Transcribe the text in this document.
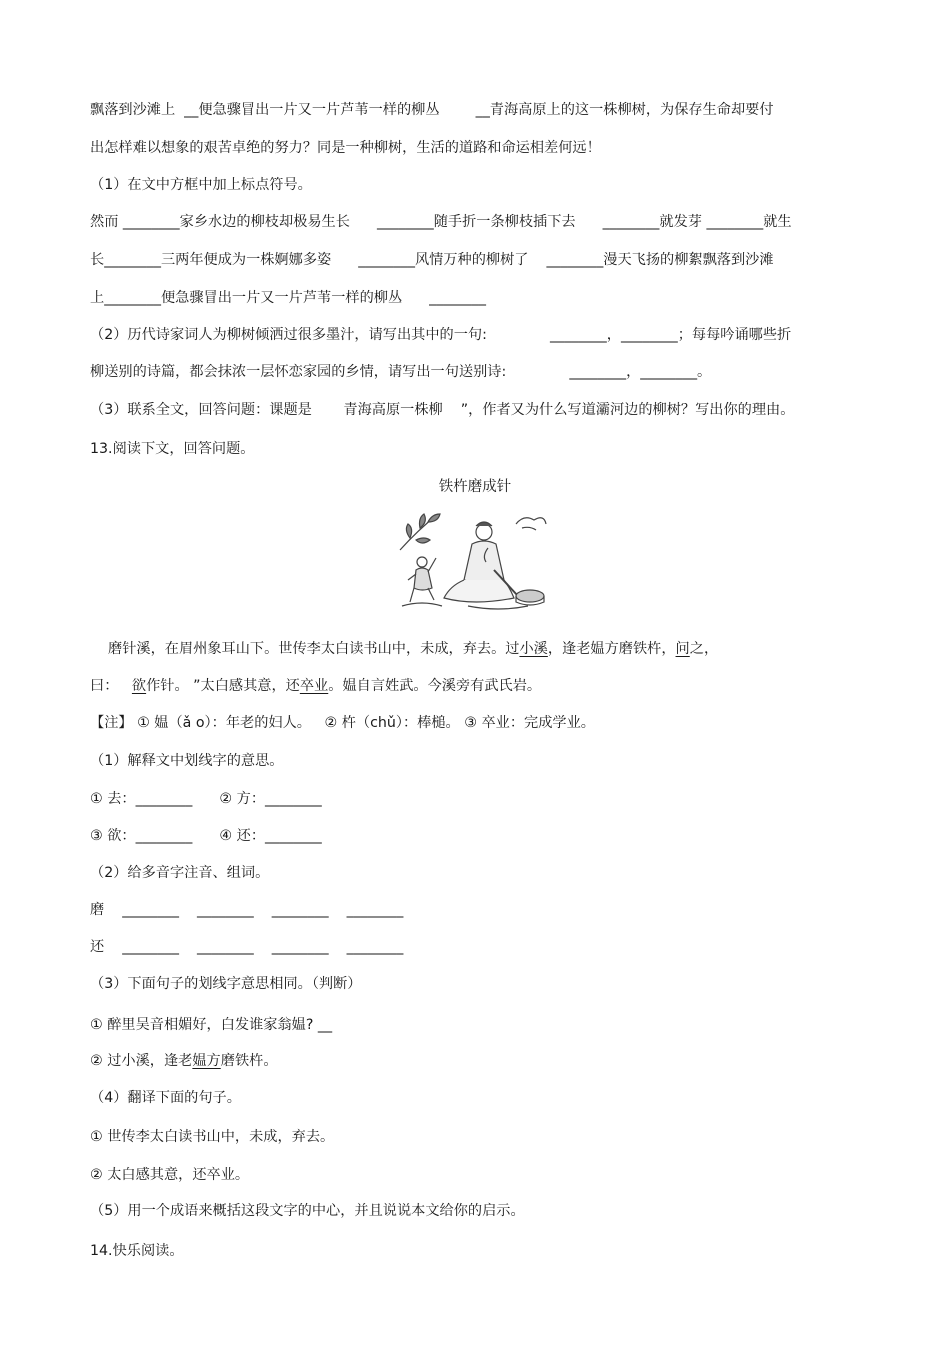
飘落到沙滩上  __便急骤冒出一片又一片芦苇一样的柳丛        __青海高原上的这一株柳树，为保存生命却要付
出怎样难以想象的艰苦卓绝的努力？同是一种柳树，生活的道路和命运相差何远！
（1）在文中方框中加上标点符号。
然而 ________家乡水边的柳枝却极易生长      ________随手折一条柳枝插下去      ________就发芽 ________就生
长________三两年便成为一株婀娜多姿      ________风情万种的柳树了    ________漫天飞扬的柳絮飘落到沙滩
上________便急骤冒出一片又一片芦苇一样的柳丛      ________
（2）历代诗家词人为柳树倾洒过很多墨汁，请写出其中的一句:              ________，________；每每吟诵哪些折
柳送别的诗篇，都会抹浓一层怀恋家园的乡情，请写出一句送别诗:              ________，________。
（3）联系全文，回答问题：课题是       青海高原一株柳    ”，作者又为什么写道灞河边的柳树？写出你的理由。
13.阅读下文，回答问题。
铁杵磨成针
磨针溪，在眉州象耳山下。世传李太白读书山中，未成，弃去。过小溪，逢老媪方磨铁杵，问之，
曰：   欲作针。 ”太白感其意，还卒业。媪自言姓武。今溪旁有武氏岩。
【注】 ① 媪（ǎ o）：年老的妇人。   ② 杵（chǔ）：棒槌。 ③ 卒业：完成学业。
（1）解释文中划线字的意思。
① 去：________      ② 方：________
③ 欲：________      ④ 还：________
（2）给多音字注音、组词。
磨    ________    ________    ________    ________
还    ________    ________    ________    ________
（3）下面句子的划线字意思相同。（判断）
① 醉里吴音相媚好，白发谁家翁媪? __
② 过小溪，逢老媪方磨铁杵。
（4）翻译下面的句子。
① 世传李太白读书山中，未成，弃去。
② 太白感其意，还卒业。
（5）用一个成语来概括这段文字的中心，并且说说本文给你的启示。
14.快乐阅读。
